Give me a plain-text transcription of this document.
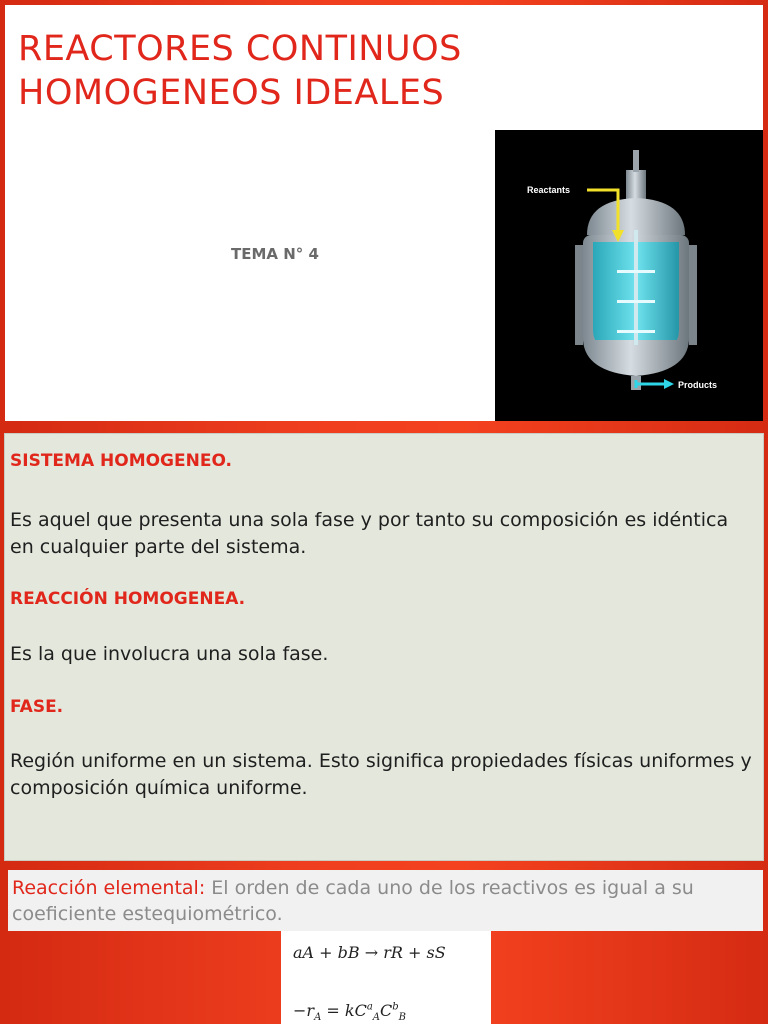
REACTORES CONTINUOS
HOMOGENEOS IDEALES
TEMA N° 4
Reactants
Products

SISTEMA HOMOGENEO.

Es aquel que presenta una sola fase y por tanto su composición es idéntica en cualquier parte del sistema.

REACCIÓN HOMOGENEA.

Es la que involucra una sola fase.

FASE.

Región uniforme en un sistema. Esto significa propiedades físicas uniformes y composición química uniforme.

Reacción elemental: El orden de cada uno de los reactivos es igual a su coeficiente estequiométrico.

aA + bB → rR + sS
$-r_A = kC^a_AC^b_B$
